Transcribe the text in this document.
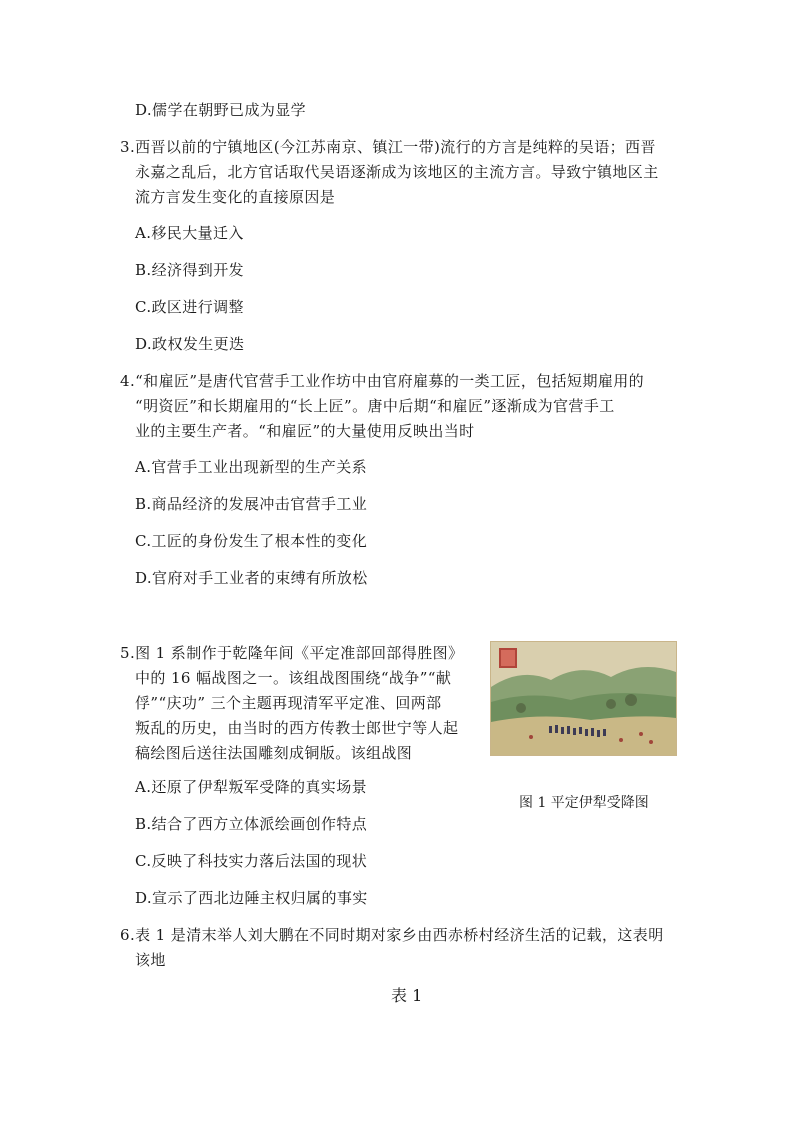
D.儒学在朝野已成为显学
3.西晋以前的宁镇地区(今江苏南京、镇江一带)流行的方言是纯粹的吴语；西晋
永嘉之乱后，北方官话取代吴语逐渐成为该地区的主流方言。导致宁镇地区主
流方言发生变化的直接原因是
A.移民大量迁入
B.经济得到开发
C.政区进行调整
D.政权发生更迭
4.“和雇匠”是唐代官营手工业作坊中由官府雇募的一类工匠，包括短期雇用的
“明资匠”和长期雇用的“长上匠”。唐中后期“和雇匠”逐渐成为官营手工
业的主要生产者。“和雇匠”的大量使用反映出当时
A.官营手工业出现新型的生产关系
B.商品经济的发展冲击官营手工业
C.工匠的身份发生了根本性的变化
D.官府对手工业者的束缚有所放松
5.图 1 系制作于乾隆年间《平定准部回部得胜图》
中的 16 幅战图之一。该组战图围绕“战争”“献
俘”“庆功” 三个主题再现清军平定准、回两部
叛乱的历史，由当时的西方传教士郎世宁等人起
稿绘图后送往法国雕刻成铜版。该组战图
A.还原了伊犁叛军受降的真实场景
B.结合了西方立体派绘画创作特点
C.反映了科技实力落后法国的现状
D.宣示了西北边陲主权归属的事实
图 1 平定伊犁受降图
6.表 1 是清末举人刘大鹏在不同时期对家乡由西赤桥村经济生活的记载，这表明
该地
表 1
